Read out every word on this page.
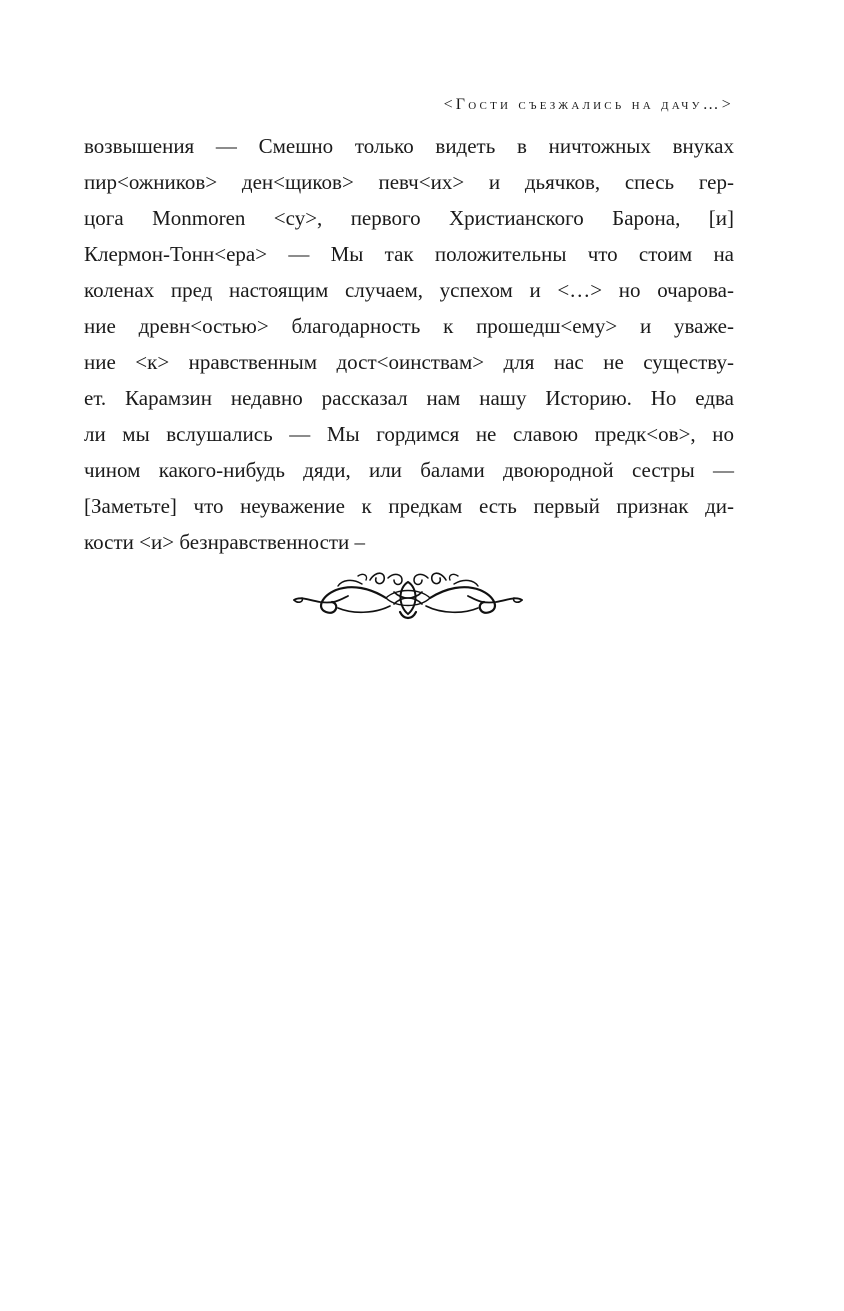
<Гости съезжались на дачу…>
возвышения — Смешно только видеть в ничтожных внуках
пир<ожников> ден<щиков> певч<их> и дьячков, спесь гер-
цога Monmoren <су>, первого Христианского Барона, [и]
Клермон-Тонн<ера> — Мы так положительны что стоим на
коленах пред настоящим случаем, успехом и <…> но очарова-
ние древн<остью> благодарность к прошедш<ему> и уваже-
ние <к> нравственным дост<оинствам> для нас не существу-
ет. Карамзин недавно рассказал нам нашу Историю. Но едва
ли мы вслушались — Мы гордимся не славою предк<ов>, но
чином какого-нибудь дяди, или балами двоюродной сестры —
[Заметьте] что неуважение к предкам есть первый признак ди-
кости <и> безнравственности –
